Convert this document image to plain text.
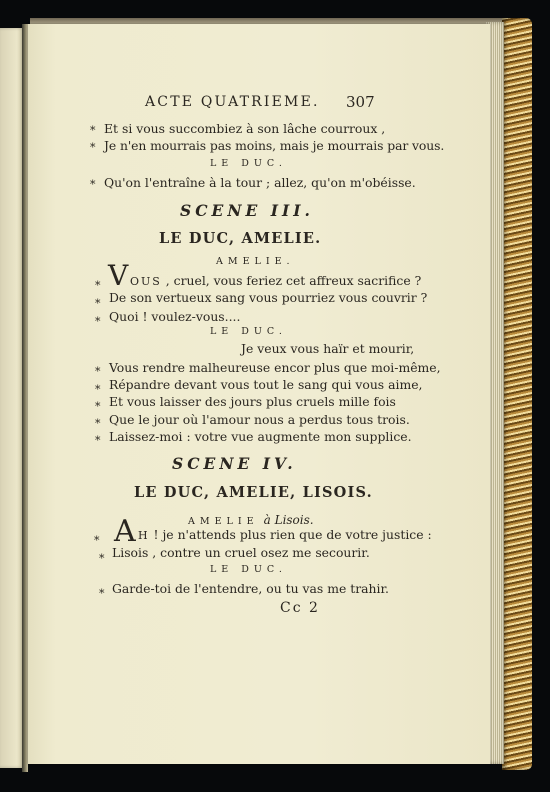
ACTE QUATRIEME. 307
* Et si vous succombiez à son lâche courroux ,
* Je n'en mourrais pas moins, mais je mourrais par vous.
LE DUC.
* Qu'on l'entraîne à la tour ; allez, qu'on m'obéisse.
SCENE III.
LE DUC, AMELIE.
AMELIE.
* V OUS , cruel, vous feriez cet affreux sacrifice ?
* De son vertueux sang vous pourriez vous couvrir ?
* Quoi ! voulez-vous....
LE DUC.
Je veux vous haïr et mourir,
* Vous rendre malheureuse encor plus que moi-même,
* Répandre devant vous tout le sang qui vous aime,
* Et vous laisser des jours plus cruels mille fois
* Que le jour où l'amour nous a perdus tous trois.
* Laissez-moi : votre vue augmente mon supplice.
SCENE IV.
LE DUC, AMELIE, LISOIS.
AMELIE à Lisois.
* A H ! je n'attends plus rien que de votre justice :
* Lisois , contre un cruel osez me secourir.
LE DUC.
* Garde-toi de l'entendre, ou tu vas me trahir.
Cc 2
